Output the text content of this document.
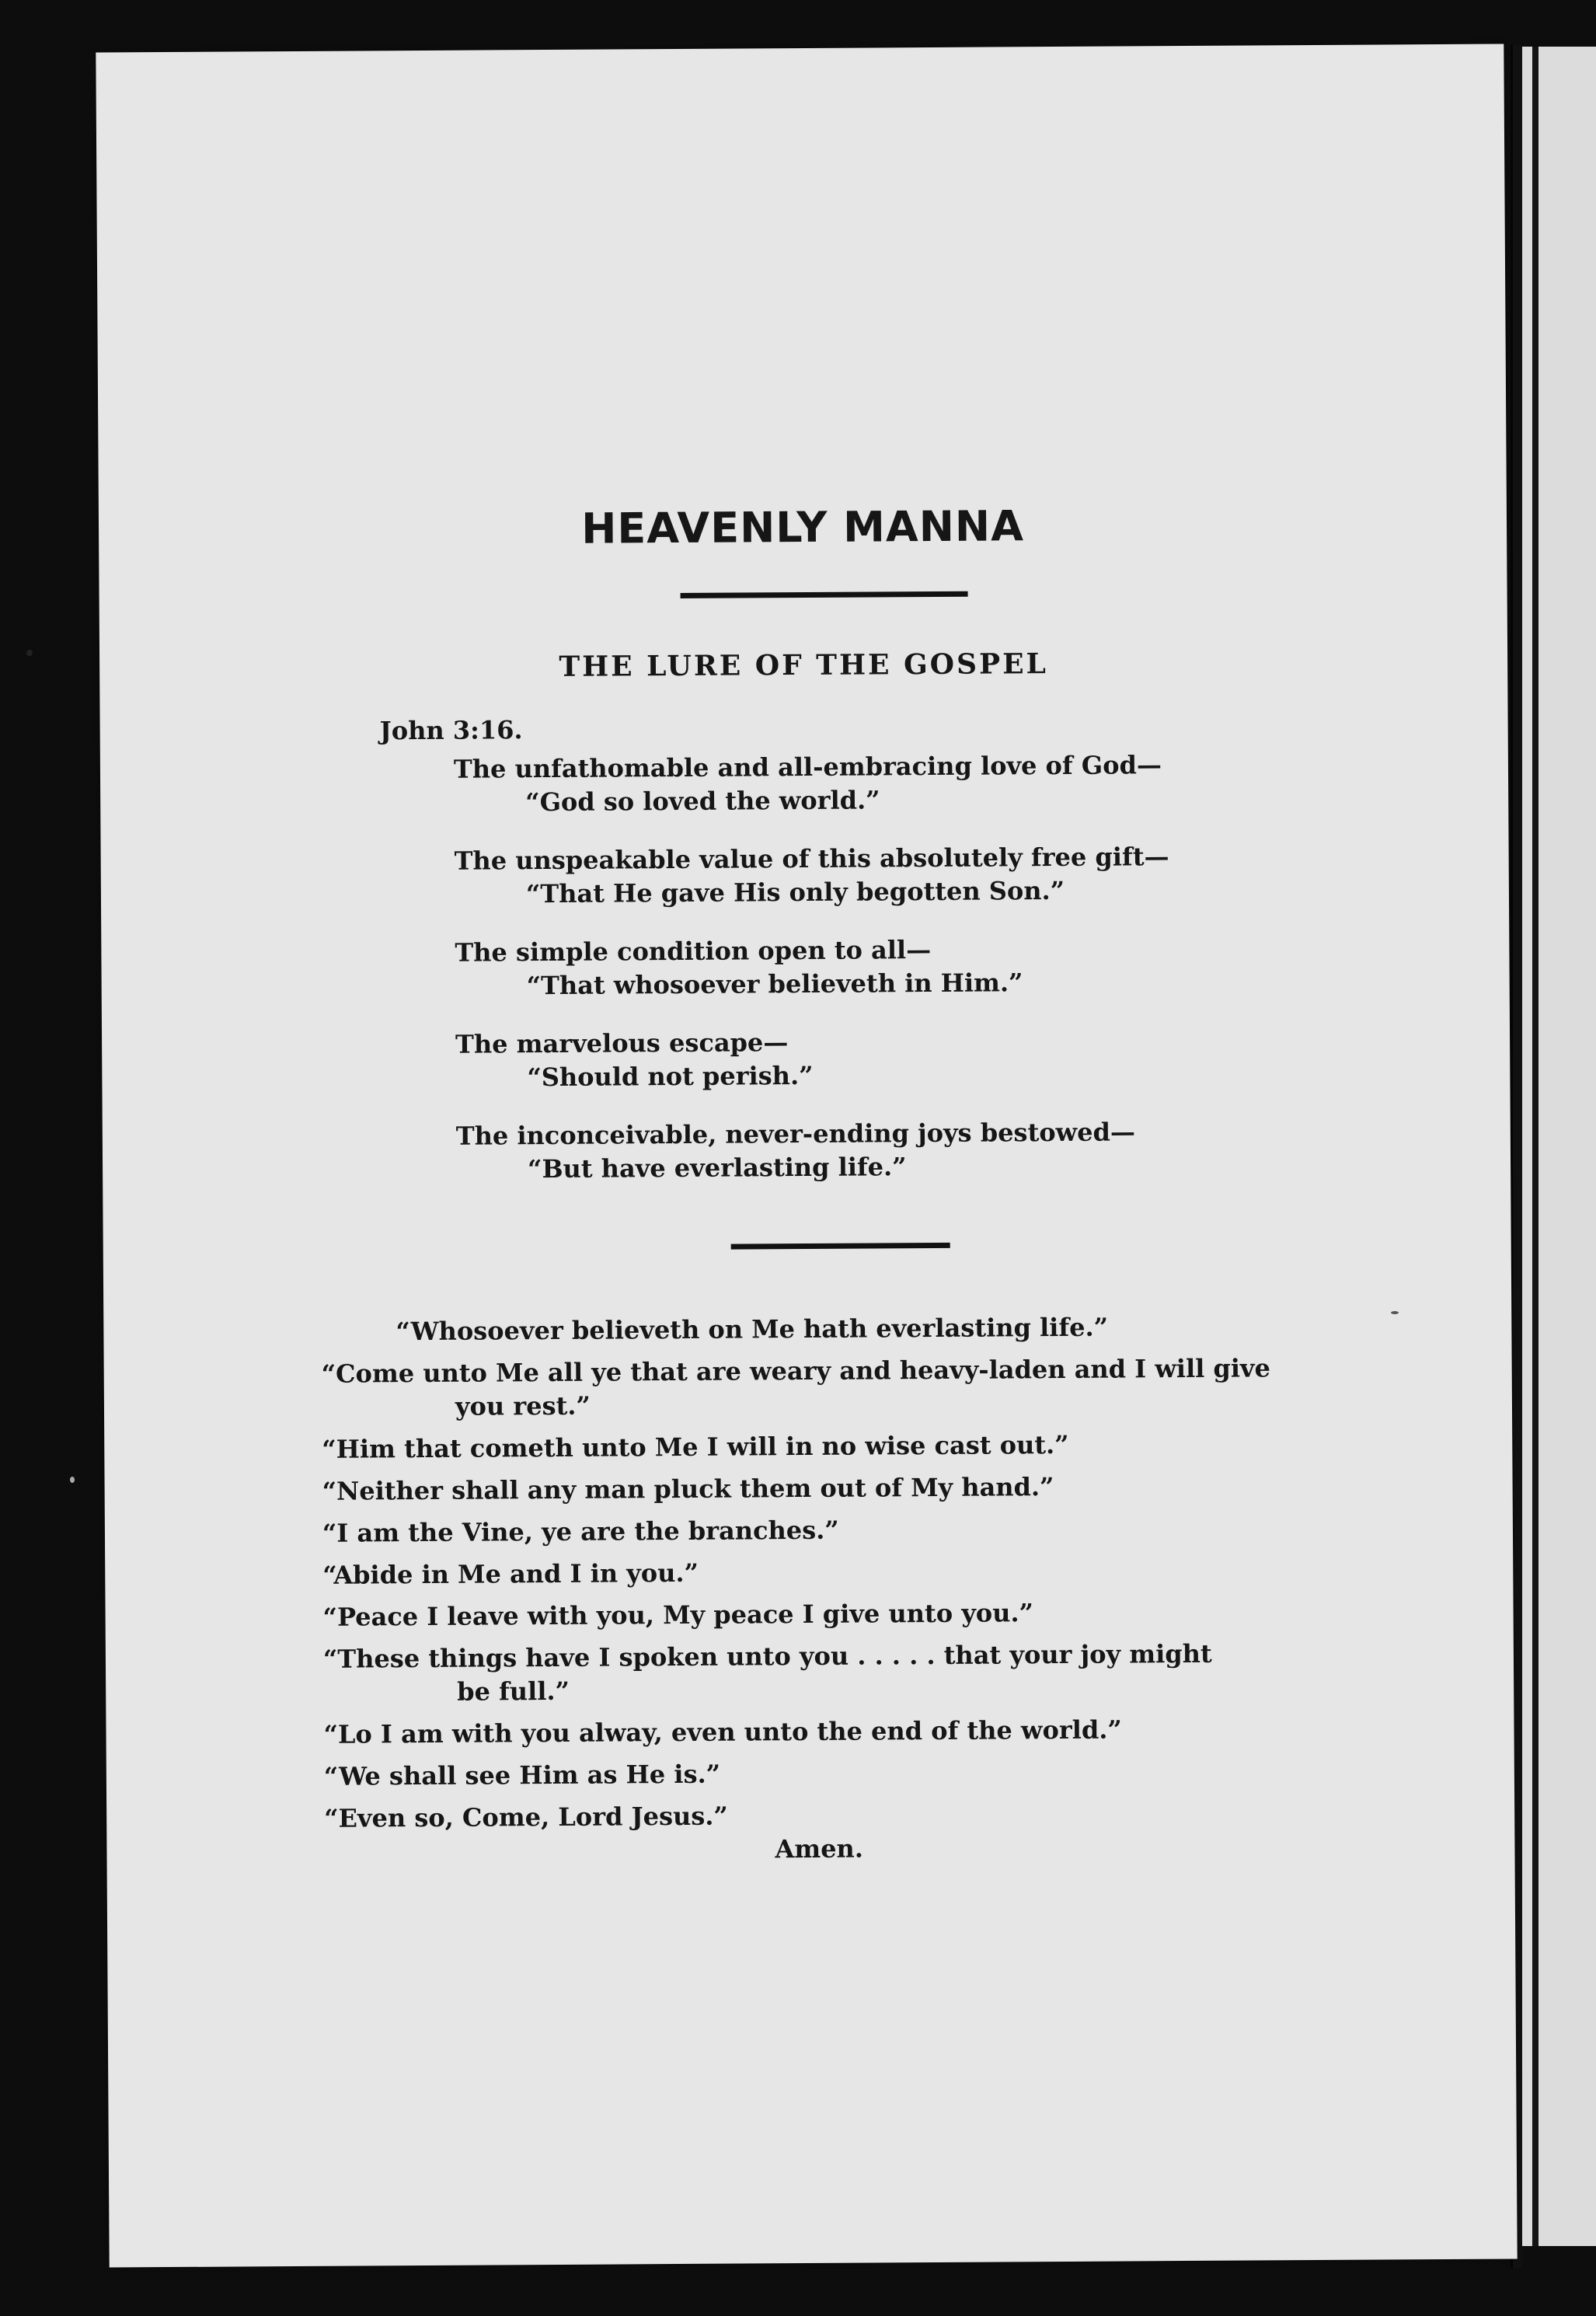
HEAVENLY MANNA
THE LURE OF THE GOSPEL
John 3:16.
The unfathomable and all-embracing love of God—
“God so loved the world.”
The unspeakable value of this absolutely free gift—
“That He gave His only begotten Son.”
The simple condition open to all—
“That whosoever believeth in Him.”
The marvelous escape—
“Should not perish.”
The inconceivable, never-ending joys bestowed—
“But have everlasting life.”
“Whosoever believeth on Me hath everlasting life.”
“Come unto Me all ye that are weary and heavy-laden and I will give
you rest.”
“Him that cometh unto Me I will in no wise cast out.”
“Neither shall any man pluck them out of My hand.”
“I am the Vine, ye are the branches.”
“Abide in Me and I in you.”
“Peace I leave with you, My peace I give unto you.”
“These things have I spoken unto you . . . . . that your joy might
be full.”
“Lo I am with you alway, even unto the end of the world.”
“We shall see Him as He is.”
“Even so, Come, Lord Jesus.”
Amen.
